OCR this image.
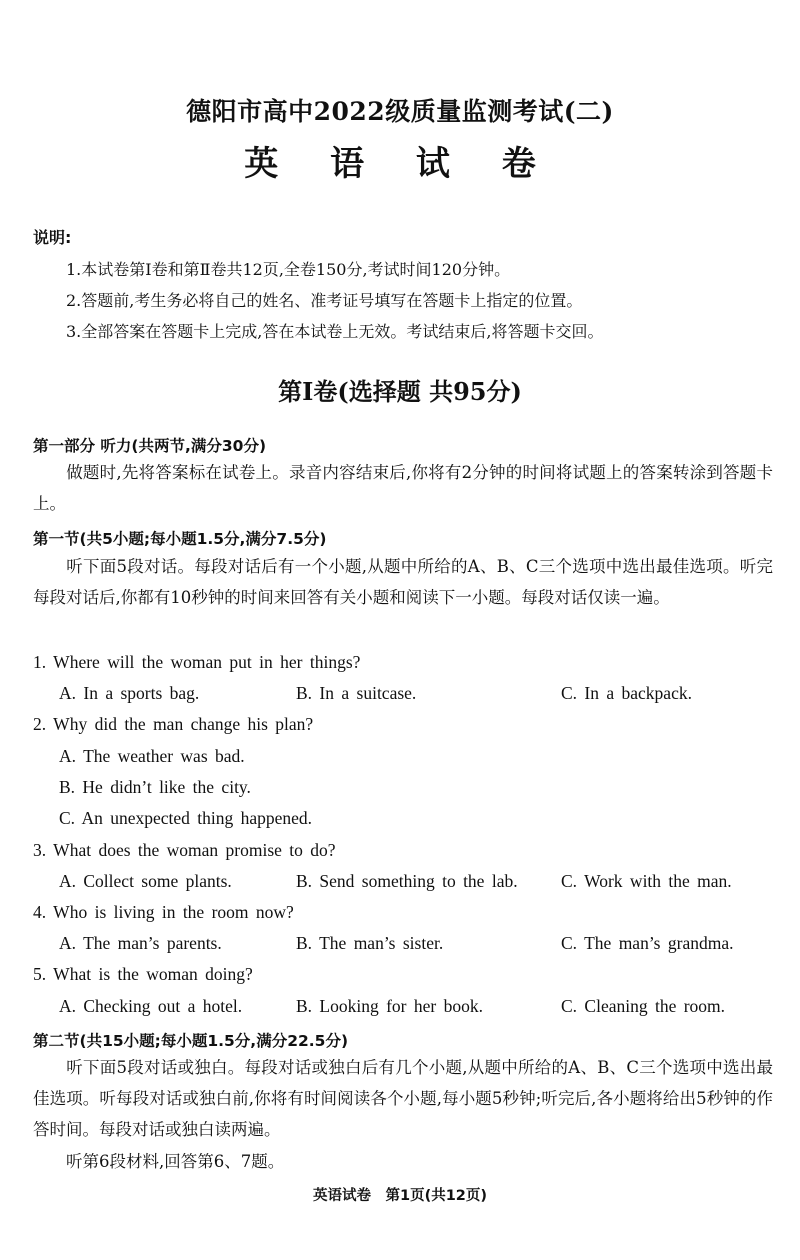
德阳市高中2022级质量监测考试(二)
英 语 试 卷
说明:
1.本试卷第Ⅰ卷和第Ⅱ卷共12页,全卷150分,考试时间120分钟。
2.答题前,考生务必将自己的姓名、准考证号填写在答题卡上指定的位置。
3.全部答案在答题卡上完成,答在本试卷上无效。考试结束后,将答题卡交回。
第Ⅰ卷(选择题 共95分)
第一部分 听力(共两节,满分30分)
做题时,先将答案标在试卷上。录音内容结束后,你将有2分钟的时间将试题上的答案转涂到答题卡上。
第一节(共5小题;每小题1.5分,满分7.5分)
听下面5段对话。每段对话后有一个小题,从题中所给的A、B、C三个选项中选出最佳选项。听完每段对话后,你都有10秒钟的时间来回答有关小题和阅读下一小题。每段对话仅读一遍。
1. Where will the woman put in her things?
A. In a sports bag.	B. In a suitcase.	C. In a backpack.
2. Why did the man change his plan?
A. The weather was bad.
B. He didn’t like the city.
C. An unexpected thing happened.
3. What does the woman promise to do?
A. Collect some plants.	B. Send something to the lab. C. Work with the man.
4. Who is living in the room now?
A. The man’s parents.	B. The man’s sister.	C. The man’s grandma.
5. What is the woman doing?
A. Checking out a hotel.	B. Looking for her book.	C. Cleaning the room.
第二节(共15小题;每小题1.5分,满分22.5分)
听下面5段对话或独白。每段对话或独白后有几个小题,从题中所给的A、B、C三个选项中选出最佳选项。听每段对话或独白前,你将有时间阅读各个小题,每小题5秒钟;听完后,各小题将给出5秒钟的作答时间。每段对话或独白读两遍。
听第6段材料,回答第6、7题。
英语试卷　第1页(共12页)
